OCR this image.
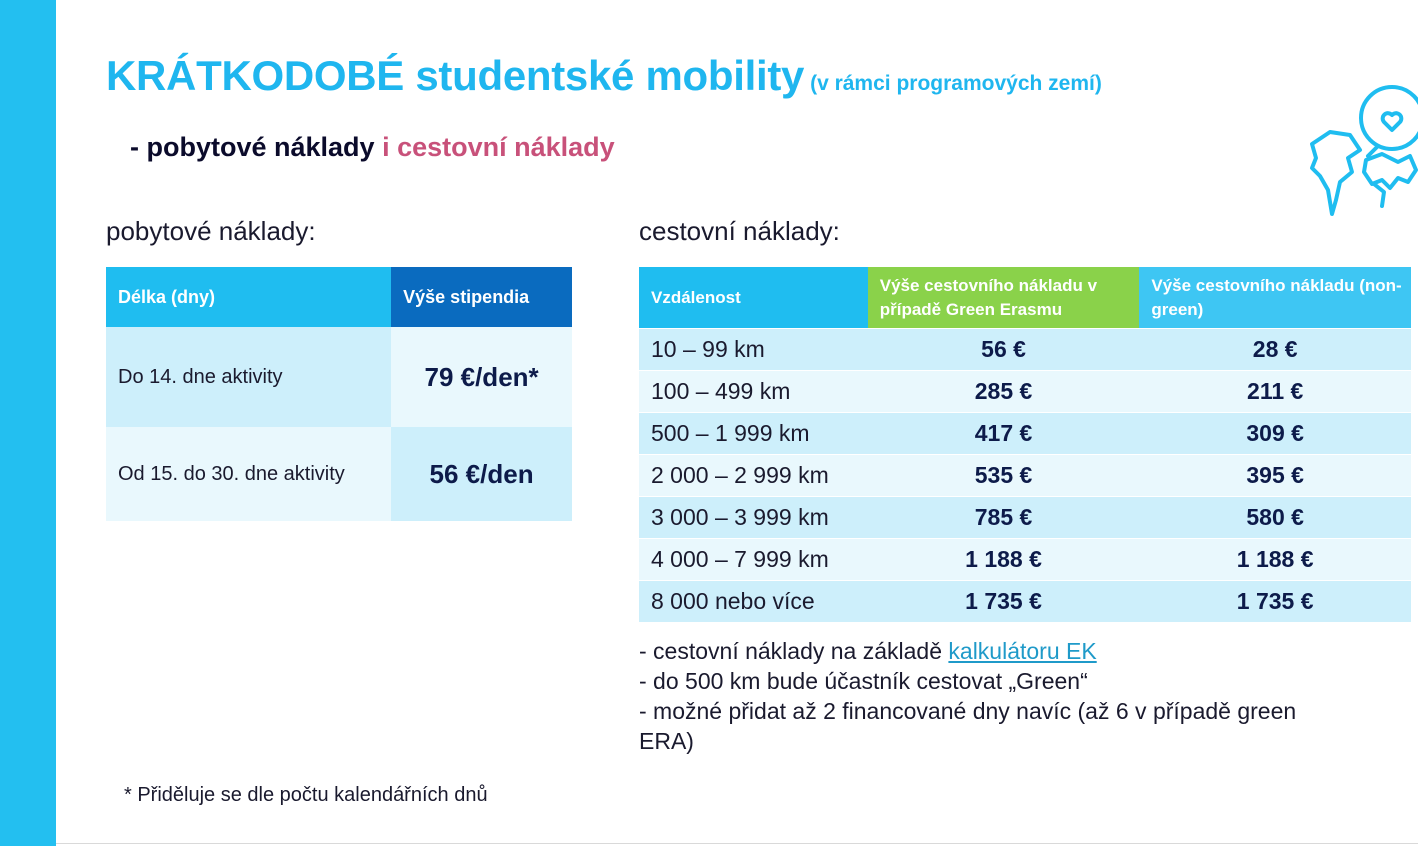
KRÁTKODOBÉ studentské mobility (v rámci programových zemí)
- pobytové náklady i cestovní náklady
pobytové náklady:
Délka (dny)	Výše stipendia
Do 14. dne aktivity	79 €/den*
Od 15. do 30. dne aktivity	56 €/den
cestovní náklady:
Vzdálenost	Výše cestovního nákladu v případě Green Erasmu	Výše cestovního nákladu (non-green)
10 – 99 km	56 €	28 €
100 – 499 km	285 €	211 €
500 – 1 999 km	417 €	309 €
2 000 – 2 999 km	535 €	395 €
3 000 – 3 999 km	785 €	580 €
4 000 – 7 999 km	1 188 €	1 188 €
8 000 nebo více	1 735 €	1 735 €
- cestovní náklady na základě kalkulátoru EK
- do 500 km bude účastník cestovat „Green“
- možné přidat až 2 financované dny navíc (až 6 v případě green ERA)
* Přiděluje se dle počtu kalendářních dnů
